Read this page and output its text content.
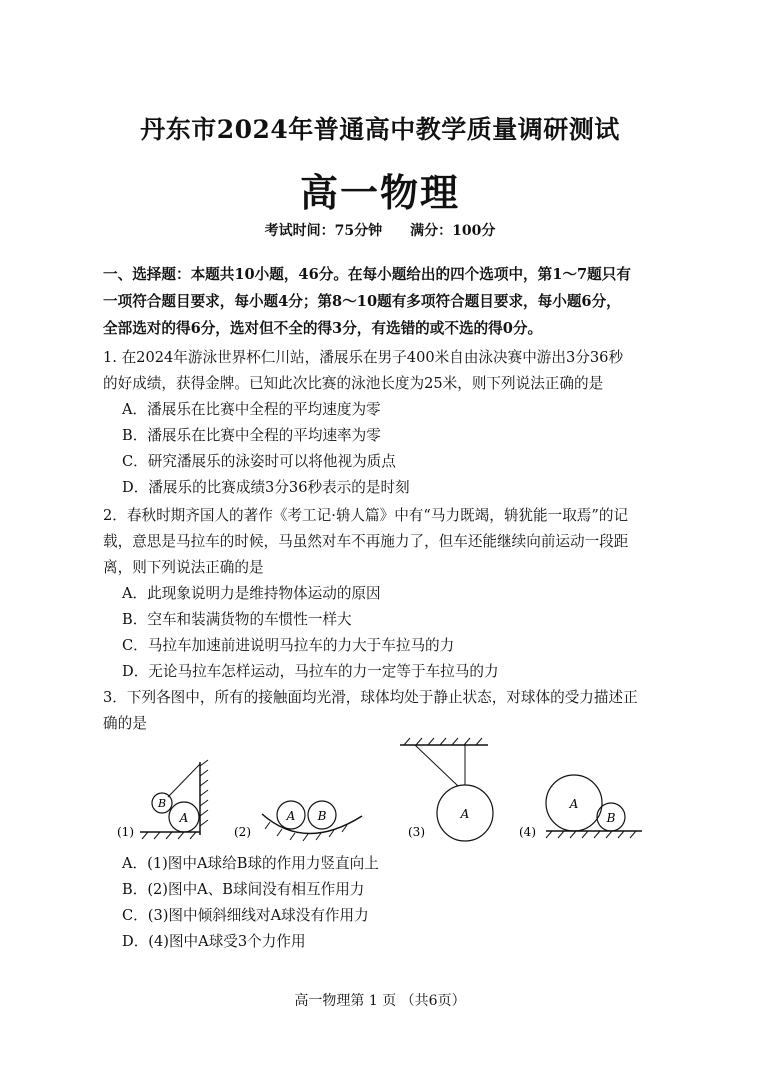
丹东市2024年普通高中教学质量调研测试
高一物理
考试时间：75分钟 满分：100分
一、选择题：本题共10小题，46分。在每小题给出的四个选项中，第1～7题只有
一项符合题目要求，每小题4分；第8～10题有多项符合题目要求，每小题6分，
全部选对的得6分，选对但不全的得3分，有选错的或不选的得0分。
1. 在2024年游泳世界杯仁川站，潘展乐在男子400米自由泳决赛中游出3分36秒
的好成绩，获得金牌。已知此次比赛的泳池长度为25米，则下列说法正确的是
A．潘展乐在比赛中全程的平均速度为零
B．潘展乐在比赛中全程的平均速率为零
C．研究潘展乐的泳姿时可以将他视为质点
D．潘展乐的比赛成绩3分36秒表示的是时刻
2．春秋时期齐国人的著作《考工记·辀人篇》中有“马力既竭，辀犹能一取焉”的记
载，意思是马拉车的时候，马虽然对车不再施力了，但车还能继续向前运动一段距
离，则下列说法正确的是
A．此现象说明力是维持物体运动的原因
B．空车和装满货物的车惯性一样大
C．马拉车加速前进说明马拉车的力大于车拉马的力
D．无论马拉车怎样运动，马拉车的力一定等于车拉马的力
3．下列各图中，所有的接触面均光滑，球体均处于静止状态，对球体的受力描述正
确的是
A
B
(1)
A B
(2)
A
(3)
A
B
(4)
A．(1)图中A球给B球的作用力竖直向上
B．(2)图中A、B球间没有相互作用力
C．(3)图中倾斜细线对A球没有作用力
D．(4)图中A球受3个力作用
高一物理第 1 页 （共6页）
